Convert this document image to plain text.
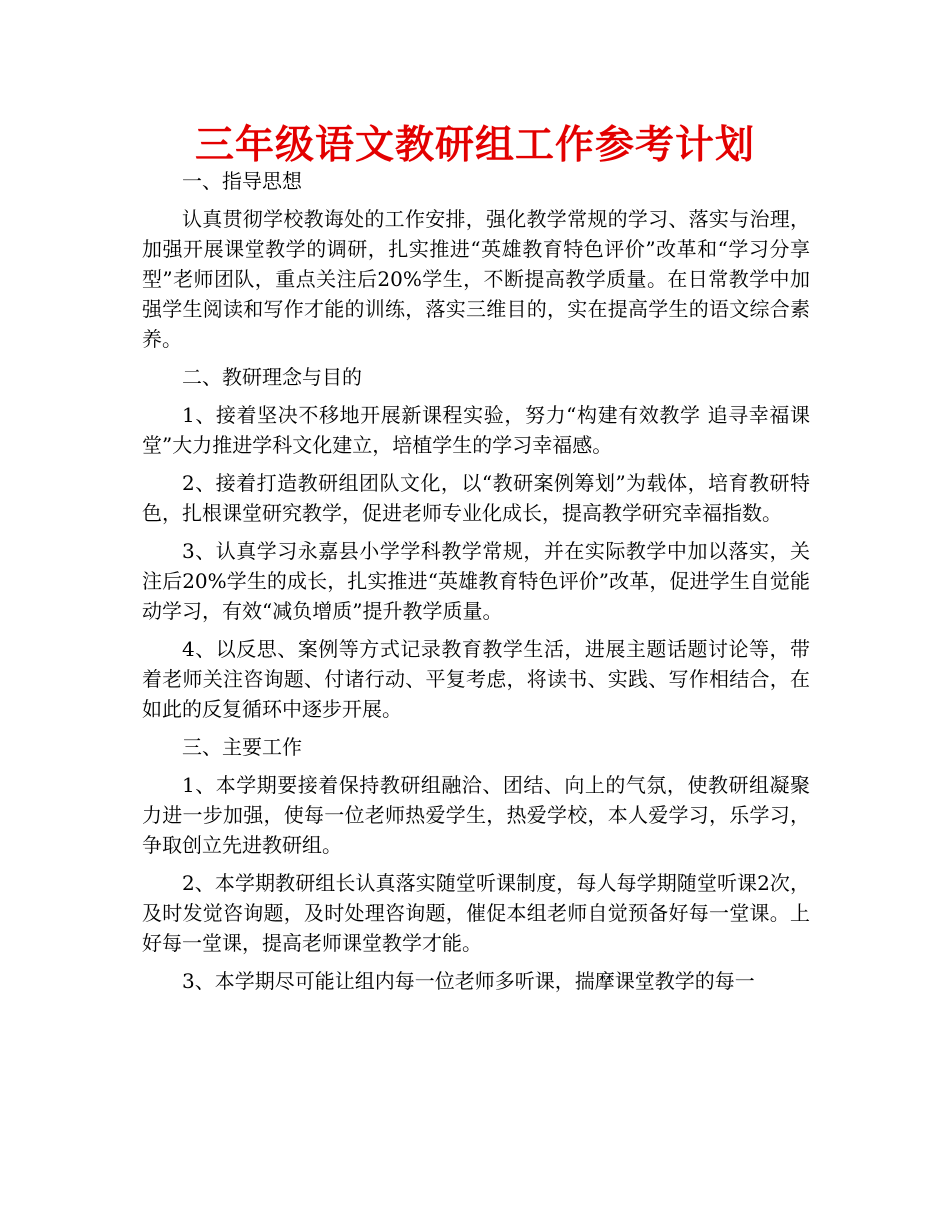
三年级语文教研组工作参考计划

一、指导思想

认真贯彻学校教诲处的工作安排，强化教学常规的学习、落实与治理，加强开展课堂教学的调研，扎实推进“英雄教育特色评价”改革和“学习分享型”老师团队，重点关注后20%学生，不断提高教学质量。在日常教学中加强学生阅读和写作才能的训练，落实三维目的，实在提高学生的语文综合素养。

二、教研理念与目的

1、接着坚决不移地开展新课程实验，努力“构建有效教学 追寻幸福课堂”大力推进学科文化建立，培植学生的学习幸福感。

2、接着打造教研组团队文化，以“教研案例筹划”为载体，培育教研特色，扎根课堂研究教学，促进老师专业化成长，提高教学研究幸福指数。

3、认真学习永嘉县小学学科教学常规，并在实际教学中加以落实，关注后20%学生的成长，扎实推进“英雄教育特色评价”改革，促进学生自觉能动学习，有效“减负增质”提升教学质量。

4、以反思、案例等方式记录教育教学生活，进展主题话题讨论等，带着老师关注咨询题、付诸行动、平复考虑，将读书、实践、写作相结合，在如此的反复循环中逐步开展。

三、主要工作

1、本学期要接着保持教研组融洽、团结、向上的气氛，使教研组凝聚力进一步加强，使每一位老师热爱学生，热爱学校，本人爱学习，乐学习，争取创立先进教研组。

2、本学期教研组长认真落实随堂听课制度，每人每学期随堂听课2次，及时发觉咨询题，及时处理咨询题，催促本组老师自觉预备好每一堂课。上好每一堂课，提高老师课堂教学才能。

3、本学期尽可能让组内每一位老师多听课，揣摩课堂教学的每一
